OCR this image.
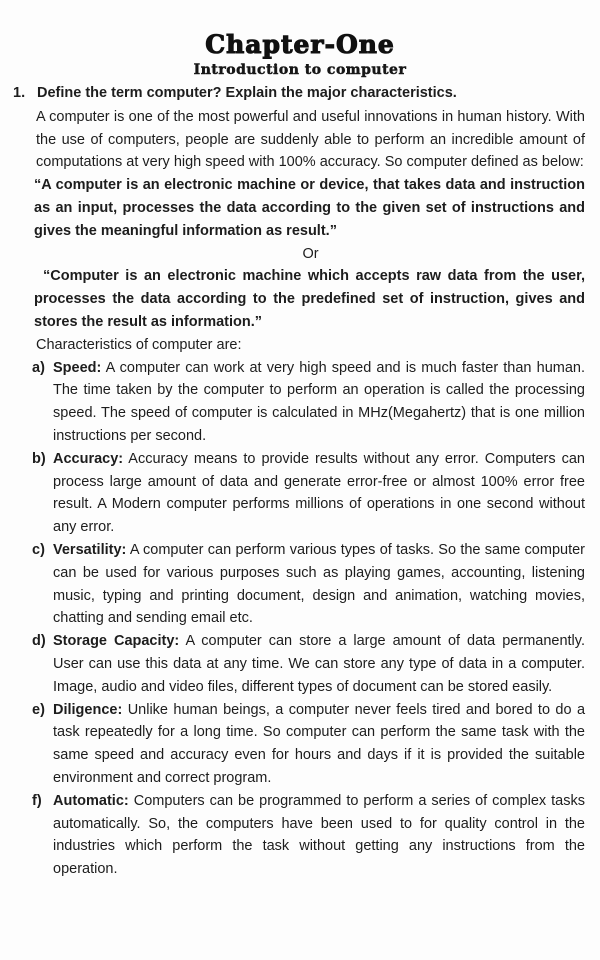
Chapter-One
Introduction to computer
1. Define the term computer? Explain the major characteristics.

A computer is one of the most powerful and useful innovations in human history. With the use of computers, people are suddenly able to perform an incredible amount of computations at very high speed with 100% accuracy. So computer defined as below:

“A computer is an electronic machine or device, that takes data and instruction as an input, processes the data according to the given set of instructions and gives the meaningful information as result.”

Or

“Computer is an electronic machine which accepts raw data from the user, processes the data according to the predefined set of instruction, gives and stores the result as information.”

Characteristics of computer are:

a) Speed: A computer can work at very high speed and is much faster than human. The time taken by the computer to perform an operation is called the processing speed. The speed of computer is calculated in MHz(Megahertz) that is one million instructions per second.

b) Accuracy: Accuracy means to provide results without any error. Computers can process large amount of data and generate error-free or almost 100% error free result. A Modern computer performs millions of operations in one second without any error.

c) Versatility: A computer can perform various types of tasks. So the same computer can be used for various purposes such as playing games, accounting, listening music, typing and printing document, design and animation, watching movies, chatting and sending email etc.

d) Storage Capacity: A computer can store a large amount of data permanently. User can use this data at any time. We can store any type of data in a computer. Image, audio and video files, different types of document can be stored easily.

e) Diligence: Unlike human beings, a computer never feels tired and bored to do a task repeatedly for a long time. So computer can perform the same task with the same speed and accuracy even for hours and days if it is provided the suitable environment and correct program.

f) Automatic: Computers can be programmed to perform a series of complex tasks automatically. So, the computers have been used to for quality control in the industries which perform the task without getting any instructions from the operation.
